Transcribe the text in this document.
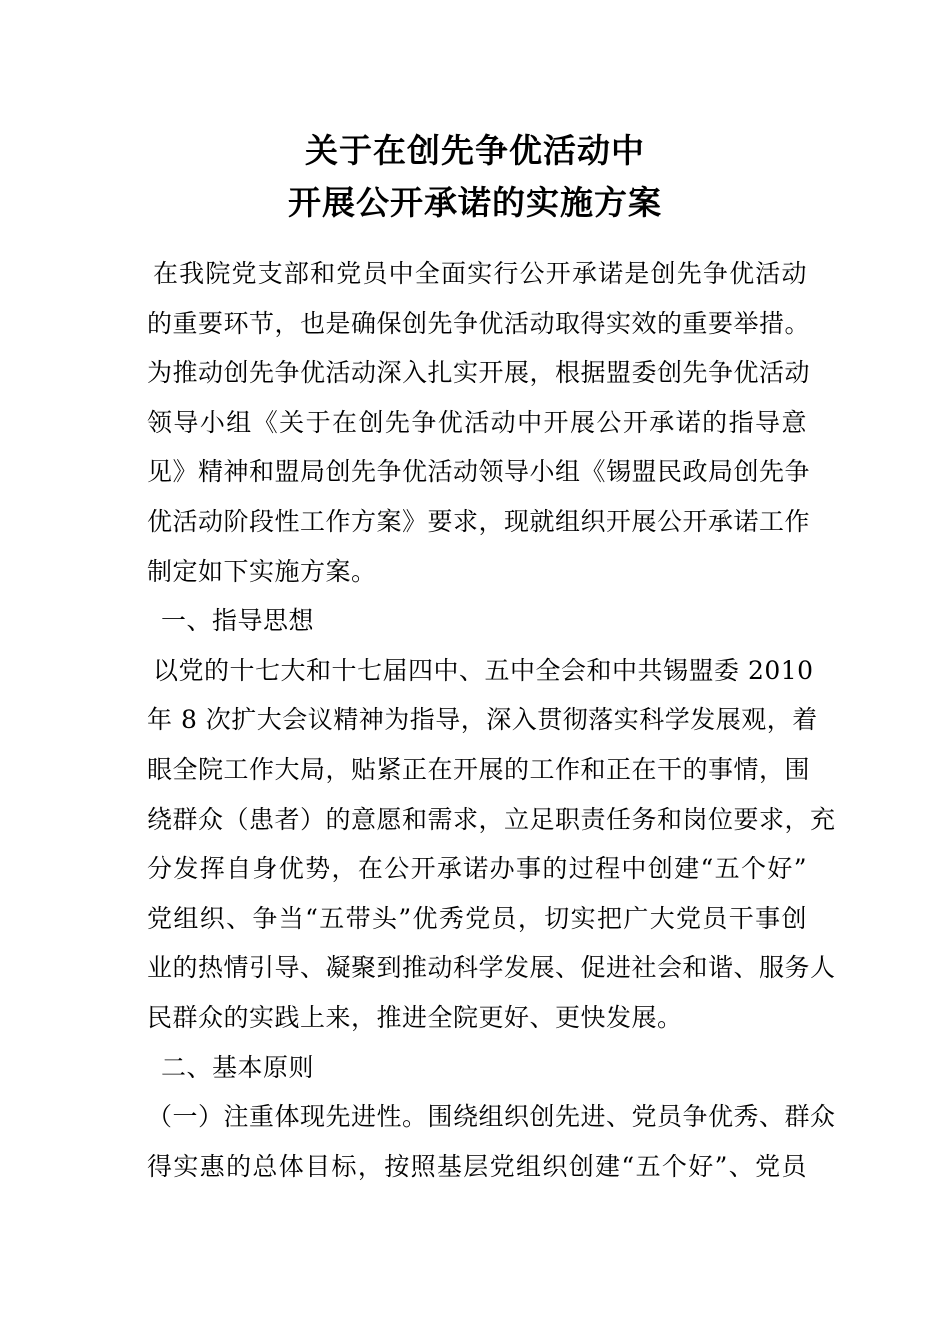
关于在创先争优活动中
开展公开承诺的实施方案
在我院党支部和党员中全面实行公开承诺是创先争优活动
的重要环节，也是确保创先争优活动取得实效的重要举措。
为推动创先争优活动深入扎实开展，根据盟委创先争优活动
领导小组《关于在创先争优活动中开展公开承诺的指导意
见》精神和盟局创先争优活动领导小组《锡盟民政局创先争
优活动阶段性工作方案》要求，现就组织开展公开承诺工作
制定如下实施方案。
一、指导思想
以党的十七大和十七届四中、五中全会和中共锡盟委 2010
年 8 次扩大会议精神为指导，深入贯彻落实科学发展观，着
眼全院工作大局，贴紧正在开展的工作和正在干的事情，围
绕群众（患者）的意愿和需求，立足职责任务和岗位要求，充
分发挥自身优势，在公开承诺办事的过程中创建“五个好”
党组织、争当“五带头”优秀党员，切实把广大党员干事创
业的热情引导、凝聚到推动科学发展、促进社会和谐、服务人
民群众的实践上来，推进全院更好、更快发展。
二、基本原则
（一）注重体现先进性。围绕组织创先进、党员争优秀、群众
得实惠的总体目标，按照基层党组织创建“五个好”、党员
